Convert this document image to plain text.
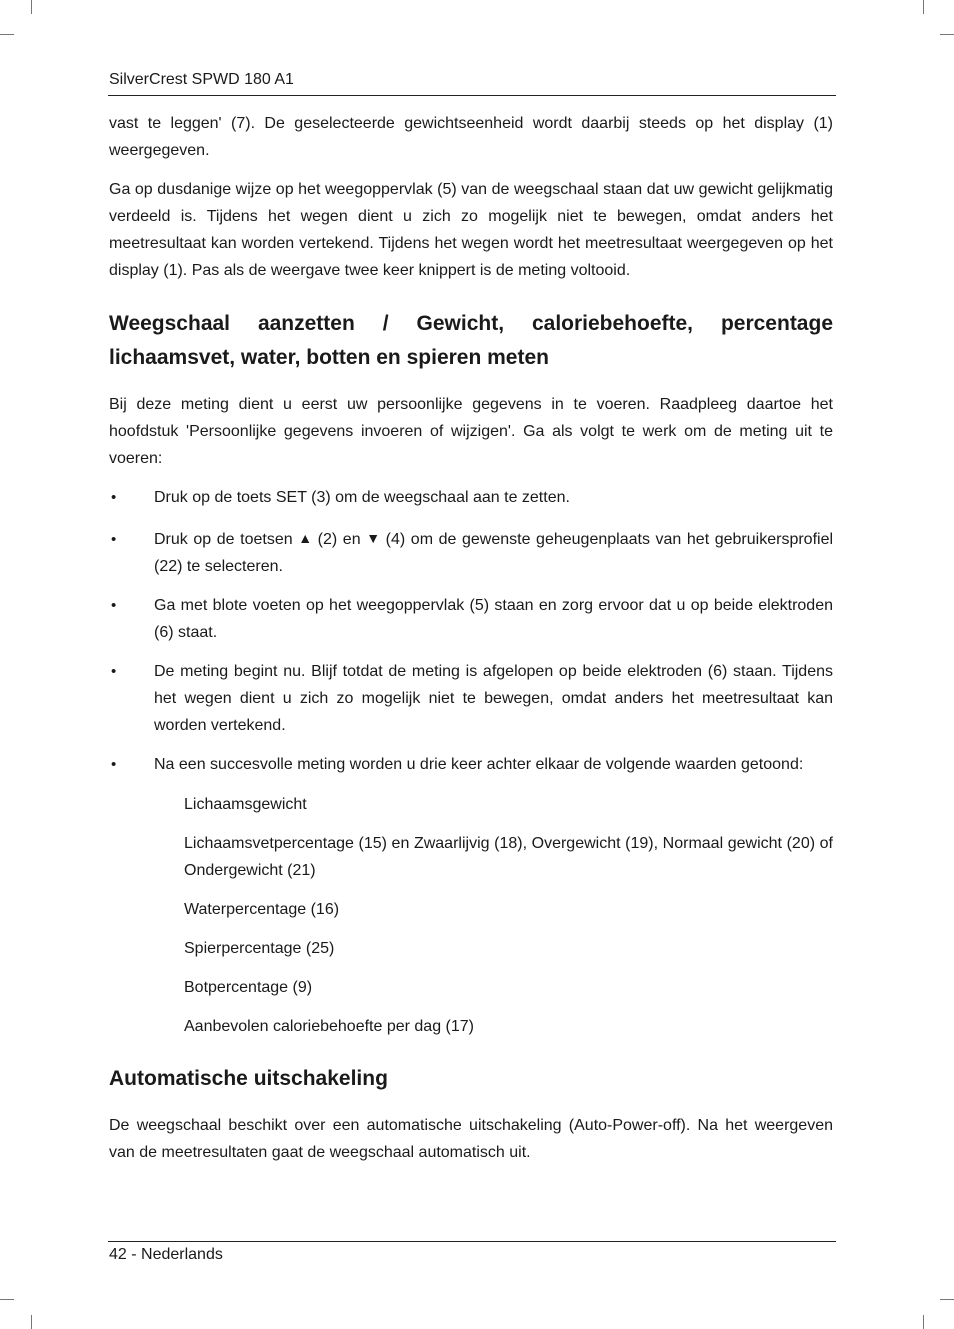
SilverCrest SPWD 180 A1

vast te leggen' (7). De geselecteerde gewichtseenheid wordt daarbij steeds op het display (1) weergegeven.

Ga op dusdanige wijze op het weegoppervlak (5) van de weegschaal staan dat uw gewicht gelijkmatig verdeeld is. Tijdens het wegen dient u zich zo mogelijk niet te bewegen, omdat anders het meetresultaat kan worden vertekend. Tijdens het wegen wordt het meetresultaat weergegeven op het display (1). Pas als de weergave twee keer knippert is de meting voltooid.

Weegschaal aanzetten / Gewicht, caloriebehoefte, percentage lichaamsvet, water, botten en spieren meten

Bij deze meting dient u eerst uw persoonlijke gegevens in te voeren. Raadpleeg daartoe het hoofdstuk 'Persoonlijke gegevens invoeren of wijzigen'. Ga als volgt te werk om de meting uit te voeren:

• Druk op de toets SET (3) om de weegschaal aan te zetten.
• Druk op de toetsen ▲ (2) en ▼ (4) om de gewenste geheugenplaats van het gebruikersprofiel (22) te selecteren.
• Ga met blote voeten op het weegoppervlak (5) staan en zorg ervoor dat u op beide elektroden (6) staat.
• De meting begint nu. Blijf totdat de meting is afgelopen op beide elektroden (6) staan. Tijdens het wegen dient u zich zo mogelijk niet te bewegen, omdat anders het meetresultaat kan worden vertekend.
• Na een succesvolle meting worden u drie keer achter elkaar de volgende waarden getoond:

Lichaamsgewicht

Lichaamsvetpercentage (15) en Zwaarlijvig (18), Overgewicht (19), Normaal gewicht (20) of Ondergewicht (21)

Waterpercentage (16)

Spierpercentage (25)

Botpercentage (9)

Aanbevolen caloriebehoefte per dag (17)

Automatische uitschakeling

De weegschaal beschikt over een automatische uitschakeling (Auto-Power-off). Na het weergeven van de meetresultaten gaat de weegschaal automatisch uit.

42 - Nederlands
